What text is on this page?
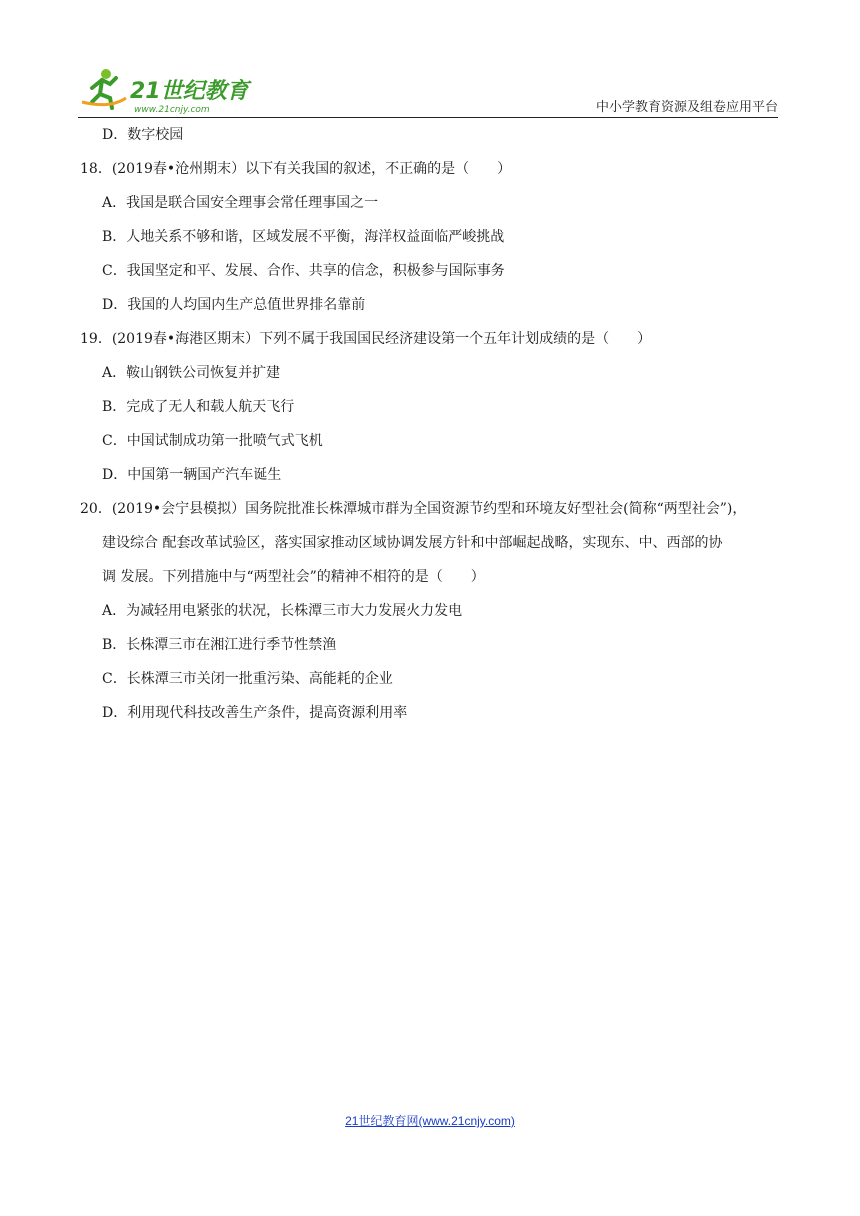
21世纪教育
www.21cnjy.com	中小学教育资源及组卷应用平台
D．数字校园
18．(2019春•沧州期末）以下有关我国的叙述，不正确的是（　　）
A．我国是联合国安全理事会常任理事国之一
B．人地关系不够和谐，区域发展不平衡，海洋权益面临严峻挑战
C．我国坚定和平、发展、合作、共享的信念，积极参与国际事务
D．我国的人均国内生产总值世界排名靠前
19．(2019春•海港区期末）下列不属于我国国民经济建设第一个五年计划成绩的是（　　）
A．鞍山钢铁公司恢复并扩建
B．完成了无人和载人航天飞行
C．中国试制成功第一批喷气式飞机
D．中国第一辆国产汽车诞生
20．(2019•会宁县模拟）国务院批准长株潭城市群为全国资源节约型和环境友好型社会(简称“两型社会”)，
建设综合 配套改革试验区，落实国家推动区域协调发展方针和中部崛起战略，实现东、中、西部的协
调 发展。下列措施中与“两型社会”的精神不相符的是（　　）
A．为减轻用电紧张的状况，长株潭三市大力发展火力发电
B．长株潭三市在湘江进行季节性禁渔
C．长株潭三市关闭一批重污染、高能耗的企业
D．利用现代科技改善生产条件，提高资源利用率
21世纪教育网(www.21cnjy.com)
